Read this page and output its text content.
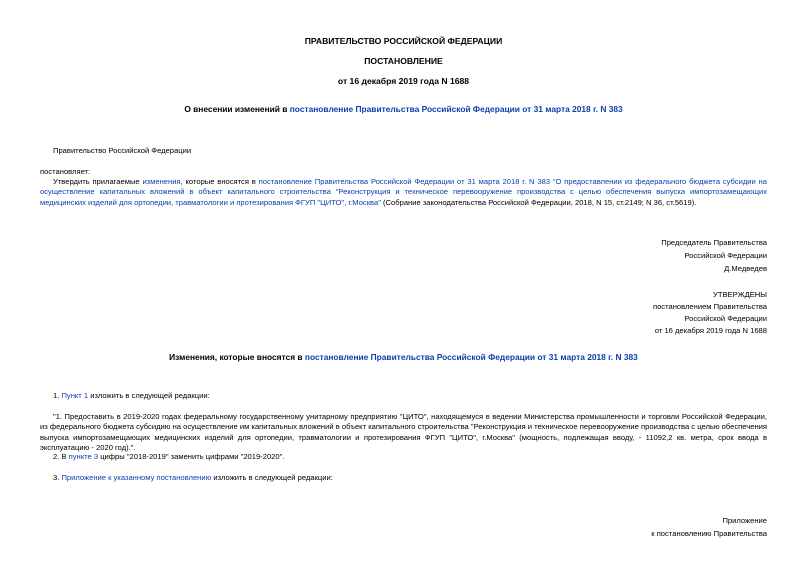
ПРАВИТЕЛЬСТВО РОССИЙСКОЙ ФЕДЕРАЦИИ
ПОСТАНОВЛЕНИЕ
от 16 декабря 2019 года N 1688
О внесении изменений в постановление Правительства Российской Федерации от 31 марта 2018 г. N 383
Правительство Российской Федерации
постановляет:

Утвердить прилагаемые изменения, которые вносятся в постановление Правительства Российской Федерации от 31 марта 2018 г. N 383 "О предоставлении из федерального бюджета субсидии на осуществление капитальных вложений в объект капитального строительства "Реконструкция и техническое перевооружение производства с целью обеспечения выпуска импортозамещающих медицинских изделий для ортопедии, травматологии и протезирования ФГУП "ЦИТО", г.Москва" (Собрание законодательства Российской Федерации, 2018, N 15, ст.2149; N 36, ст.5619).

Председатель Правительства
Российской Федерации
Д.Медведев
УТВЕРЖДЕНЫ
постановлением Правительства
Российской Федерации
от 16 декабря 2019 года N 1688
Изменения, которые вносятся в постановление Правительства Российской Федерации от 31 марта 2018 г. N 383
1. Пункт 1 изложить в следующей редакции:

"1. Предоставить в 2019-2020 годах федеральному государственному унитарному предприятию "ЦИТО", находящемуся в ведении Министерства промышленности и торговли Российской Федерации, из федерального бюджета субсидию на осуществление им капитальных вложений в объект капитального строительства "Реконструкция и техническое перевооружение производства с целью обеспечения выпуска импортозамещающих медицинских изделий для ортопедии, травматологии и протезирования ФГУП "ЦИТО", г.Москва" (мощность, подлежащая вводу, - 11092,2 кв. метра, срок ввода в эксплуатацию - 2020 год).".

2. В пункте 3 цифры "2018-2019" заменить цифрами "2019-2020".
3. Приложение к указанному постановлению изложить в следующей редакции:
Приложение
к постановлению Правительства
